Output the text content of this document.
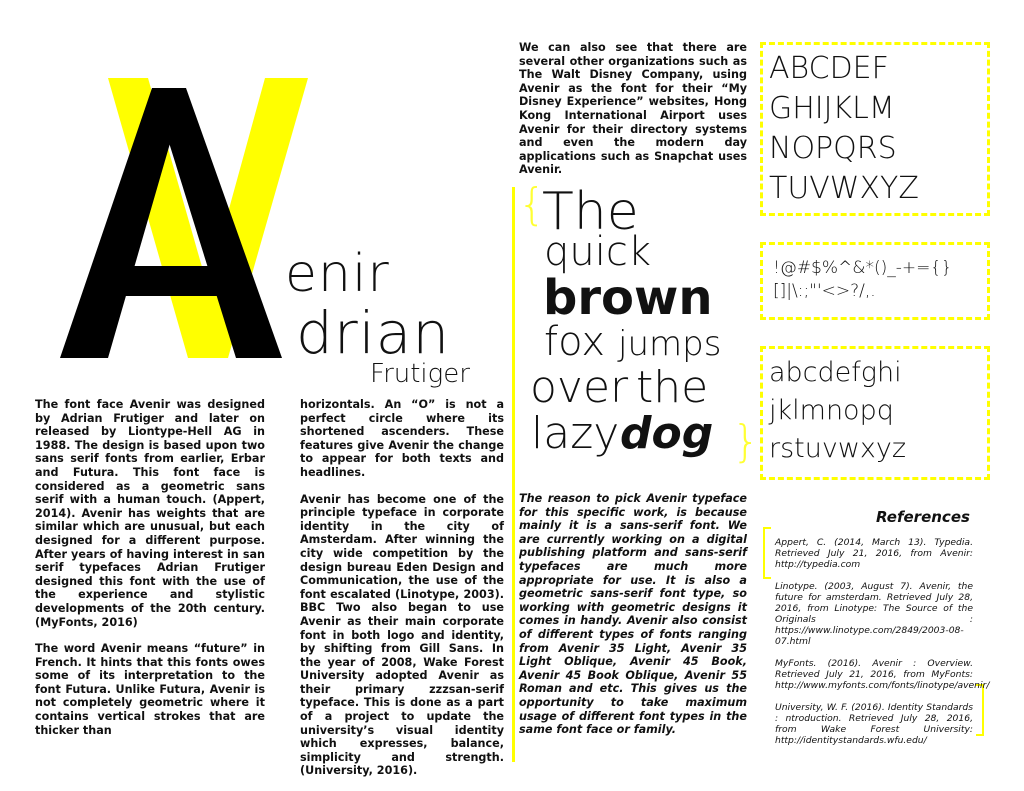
enir
drian
Frutiger

The font face Avenir was designed by Adrian Frutiger and later on released by Liontype-Hell AG in 1988. The design is based upon two sans serif fonts from earlier, Erbar and Futura. This font face is considered as a geometric sans serif with a human touch. (Appert, 2014). Avenir has weights that are similar which are unusual, but each designed for a different purpose. After years of having interest in san serif typefaces Adrian Frutiger designed this font with the use of the experience and stylistic developments of the 20th century. (MyFonts, 2016)

The word Avenir means “future” in French. It hints that this fonts owes some of its interpretation to the font Futura. Unlike Futura, Avenir is not completely geometric where it contains vertical strokes that are thicker than

horizontals. An “O” is not a perfect circle where its shortened ascenders. These features give Avenir the change to appear for both texts and headlines.

Avenir has become one of the principle typeface in corporate identity in the city of Amsterdam. After winning the city wide competition by the design bureau Eden Design and Communication, the use of the font escalated (Linotype, 2003). BBC Two also began to use Avenir as their main corporate font in both logo and identity, by shifting from Gill Sans. In the year of 2008, Wake Forest University adopted Avenir as their primary zzzsan-serif typeface. This is done as a part of a project to update the university’s visual identity which expresses, balance, simplicity and strength. (University, 2016).

We can also see that there are several other organizations such as The Walt Disney Company, using Avenir as the font for their “My Disney Experience” websites, Hong Kong International Airport uses Avenir for their directory systems and even the modern day applications such as Snapchat uses Avenir.

{
The
quick
brown
fox jumps
over the
lazy dog }
The reason to pick Avenir typeface for this specific work, is because mainly it is a sans-serif font. We are currently working on a digital publishing platform and sans-serif typefaces are much more appropriate for use. It is also a geometric sans-serif font type, so working with geometric designs it comes in handy. Avenir also consist of different types of fonts ranging from Avenir 35 Light, Avenir 35 Light Oblique, Avenir 45 Book, Avenir 45 Book Oblique, Avenir 55 Roman and etc. This gives us the opportunity to take maximum usage of different font types in the same font face or family.
ABCDEF
GHIJKLM
NOPQRS
TUVWXYZ
!@#$%^&*()_-+={}
[]|\:;"'<>?/,.
abcdefghi
jklmnopq
rstuvwxyz
References

Appert, C. (2014, March 13). Typedia. Retrieved July 21, 2016, from Avenir: http://typedia.com

Linotype. (2003, August 7). Avenir, the future for amsterdam. Retrieved July 28, 2016, from Linotype: The Source of the Originals : https://www.linotype.com/2849/2003-08-07.html

MyFonts. (2016). Avenir : Overview. Retrieved July 21, 2016, from MyFonts: http://www.myfonts.com/fonts/linotype/avenir/

University, W. F. (2016). Identity Standards : ntroduction. Retrieved July 28, 2016, from Wake Forest University: http://identitystandards.wfu.edu/
